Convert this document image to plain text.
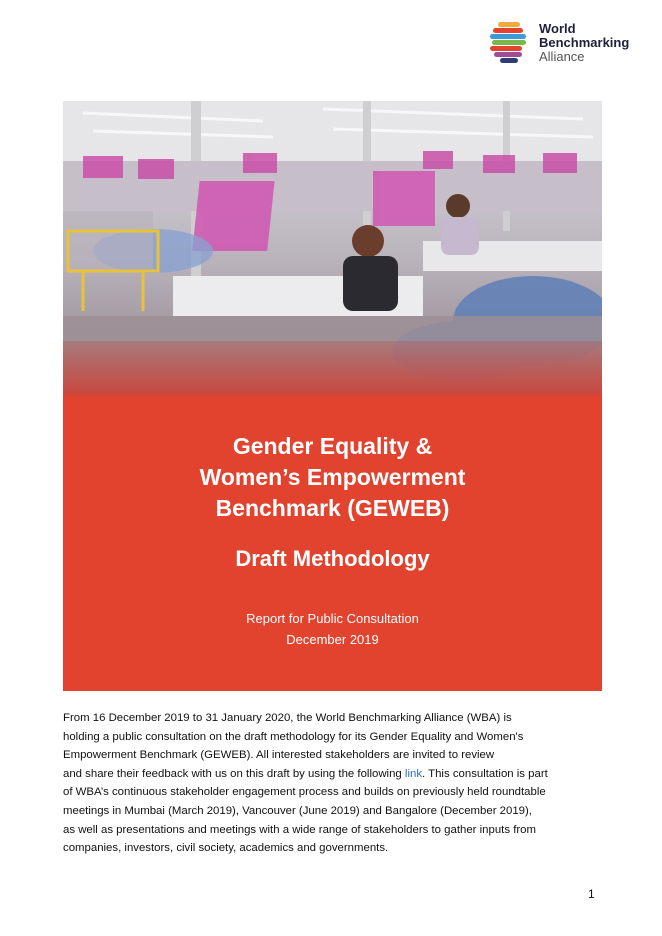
World
Benchmarking
Alliance
Gender Equality &
Women’s Empowerment
Benchmark (GEWEB)
Draft Methodology
Report for Public Consultation
December 2019
From 16 December 2019 to 31 January 2020, the World Benchmarking Alliance (WBA) is
holding a public consultation on the draft methodology for its Gender Equality and Women's
Empowerment Benchmark (GEWEB). All interested stakeholders are invited to review
and share their feedback with us on this draft by using the following link. This consultation is part
of WBA’s continuous stakeholder engagement process and builds on previously held roundtable
meetings in Mumbai (March 2019), Vancouver (June 2019) and Bangalore (December 2019),
as well as presentations and meetings with a wide range of stakeholders to gather inputs from
companies, investors, civil society, academics and governments.
1
